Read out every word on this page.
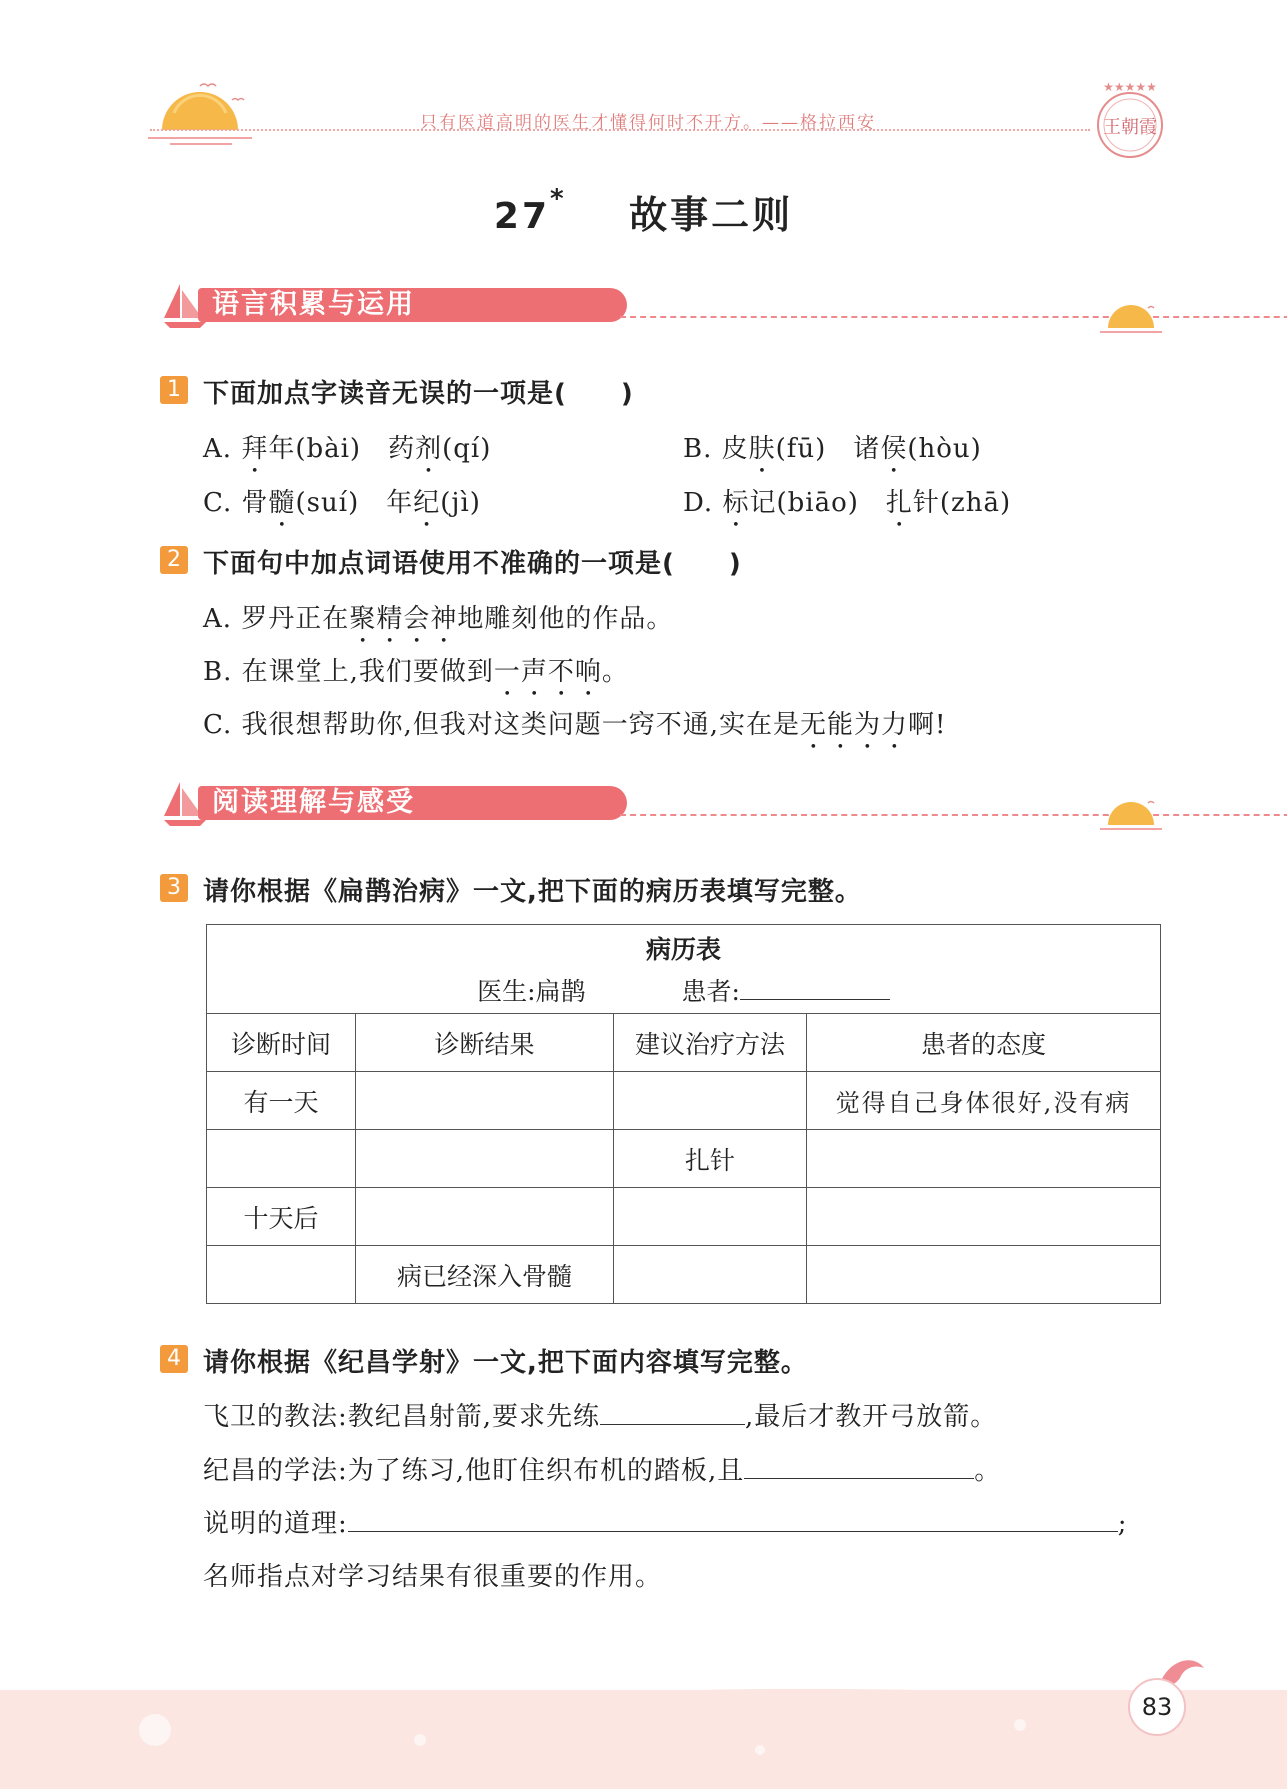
只有医道高明的医生才懂得何时不开方。——格拉西安
★★★★★
王朝霞
27* 故事二则
语言积累与运用
1 下面加点字读音无误的一项是(　　)
A. 拜年(bài)　药剂(qí)	B. 皮肤(fū)　诸侯(hòu)
C. 骨髓(suí)　年纪(jì)	D. 标记(biāo)　扎针(zhā)
2 下面句中加点词语使用不准确的一项是(　　)
A. 罗丹正在聚精会神地雕刻他的作品。
B. 在课堂上,我们要做到一声不响。
C. 我很想帮助你,但我对这类问题一窍不通,实在是无能为力啊!
阅读理解与感受
3 请你根据《扁鹊治病》一文,把下面的病历表填写完整。
病历表
医生:扁鹊 患者:			

诊断时间	诊断结果	建议治疗方法	患者的态度
有一天			觉得自己身体很好,没有病
		扎针	
十天后			
	病已经深入骨髓		
4 请你根据《纪昌学射》一文,把下面内容填写完整。
飞卫的教法:教纪昌射箭,要求先练	,最后才教开弓放箭。
纪昌的学法:为了练习,他盯住织布机的踏板,且	。
说明的道理:	;
名师指点对学习结果有很重要的作用。
83
